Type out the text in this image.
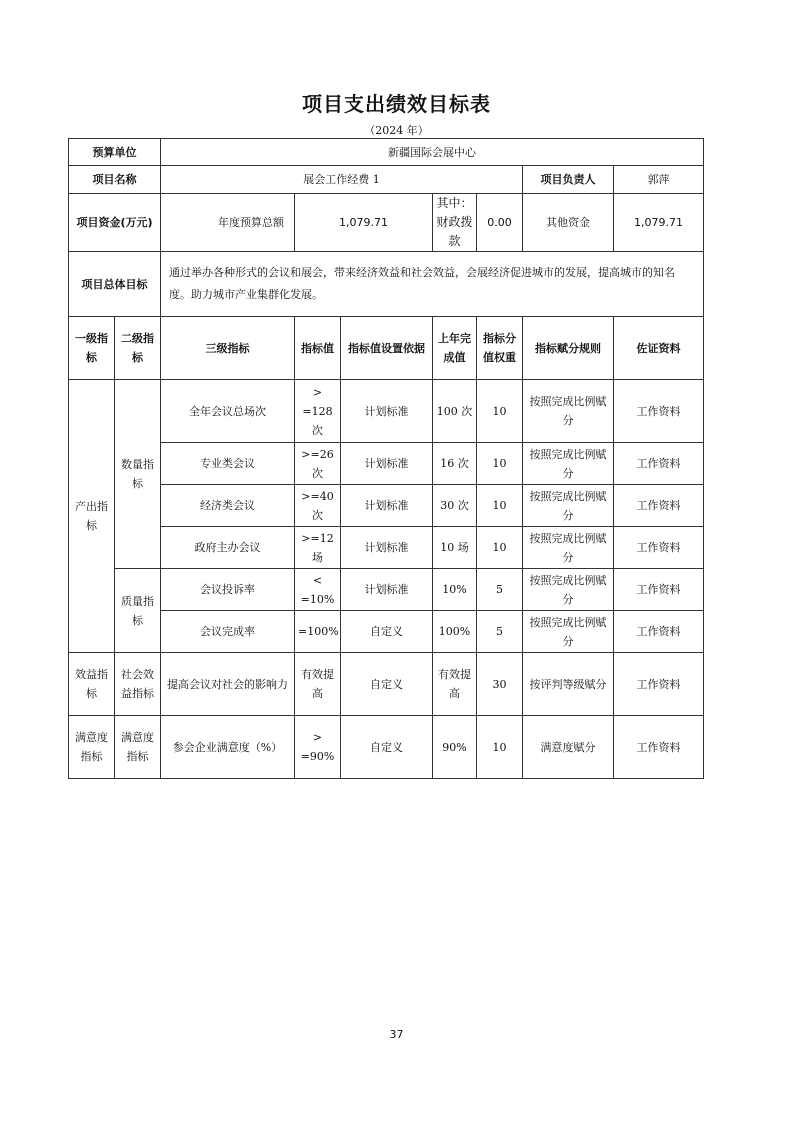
项目支出绩效目标表
（2024 年）
预算单位		新疆国际会展中心						
项目名称		展会工作经费 1					项目负责人	郭萍
项目资金(万元)		年度预算总额	1,079.71		其中：财政拨款	0.00	其他资金	1,079.71
项目总体目标		通过举办各种形式的会议和展会，带来经济效益和社会效益，会展经济促进城市的发展，提高城市的知名度。助力城市产业集群化发展。						
一级指标	二级指标	三级指标	指标值	指标值设置依据	上年完成值	指标分值权重	指标赋分规则	佐证资料
产出指标	数量指标	全年会议总场次	> =128次	计划标准	100 次	10	按照完成比例赋分	工作资料
		专业类会议	>=26次	计划标准	16 次	10	按照完成比例赋分	工作资料
		经济类会议	>=40次	计划标准	30 次	10	按照完成比例赋分	工作资料
		政府主办会议	>=12场	计划标准	10 场	10	按照完成比例赋分	工作资料
	质量指标	会议投诉率	< =10%	计划标准	10%	5	按照完成比例赋分	工作资料
		会议完成率	=100%	自定义	100%	5	按照完成比例赋分	工作资料
效益指标	社会效益指标	提高会议对社会的影响力	有效提高	自定义	有效提高	30	按评判等级赋分	工作资料
满意度指标	满意度指标	参会企业满意度（%）	> =90%	自定义	90%	10	满意度赋分	工作资料
37
